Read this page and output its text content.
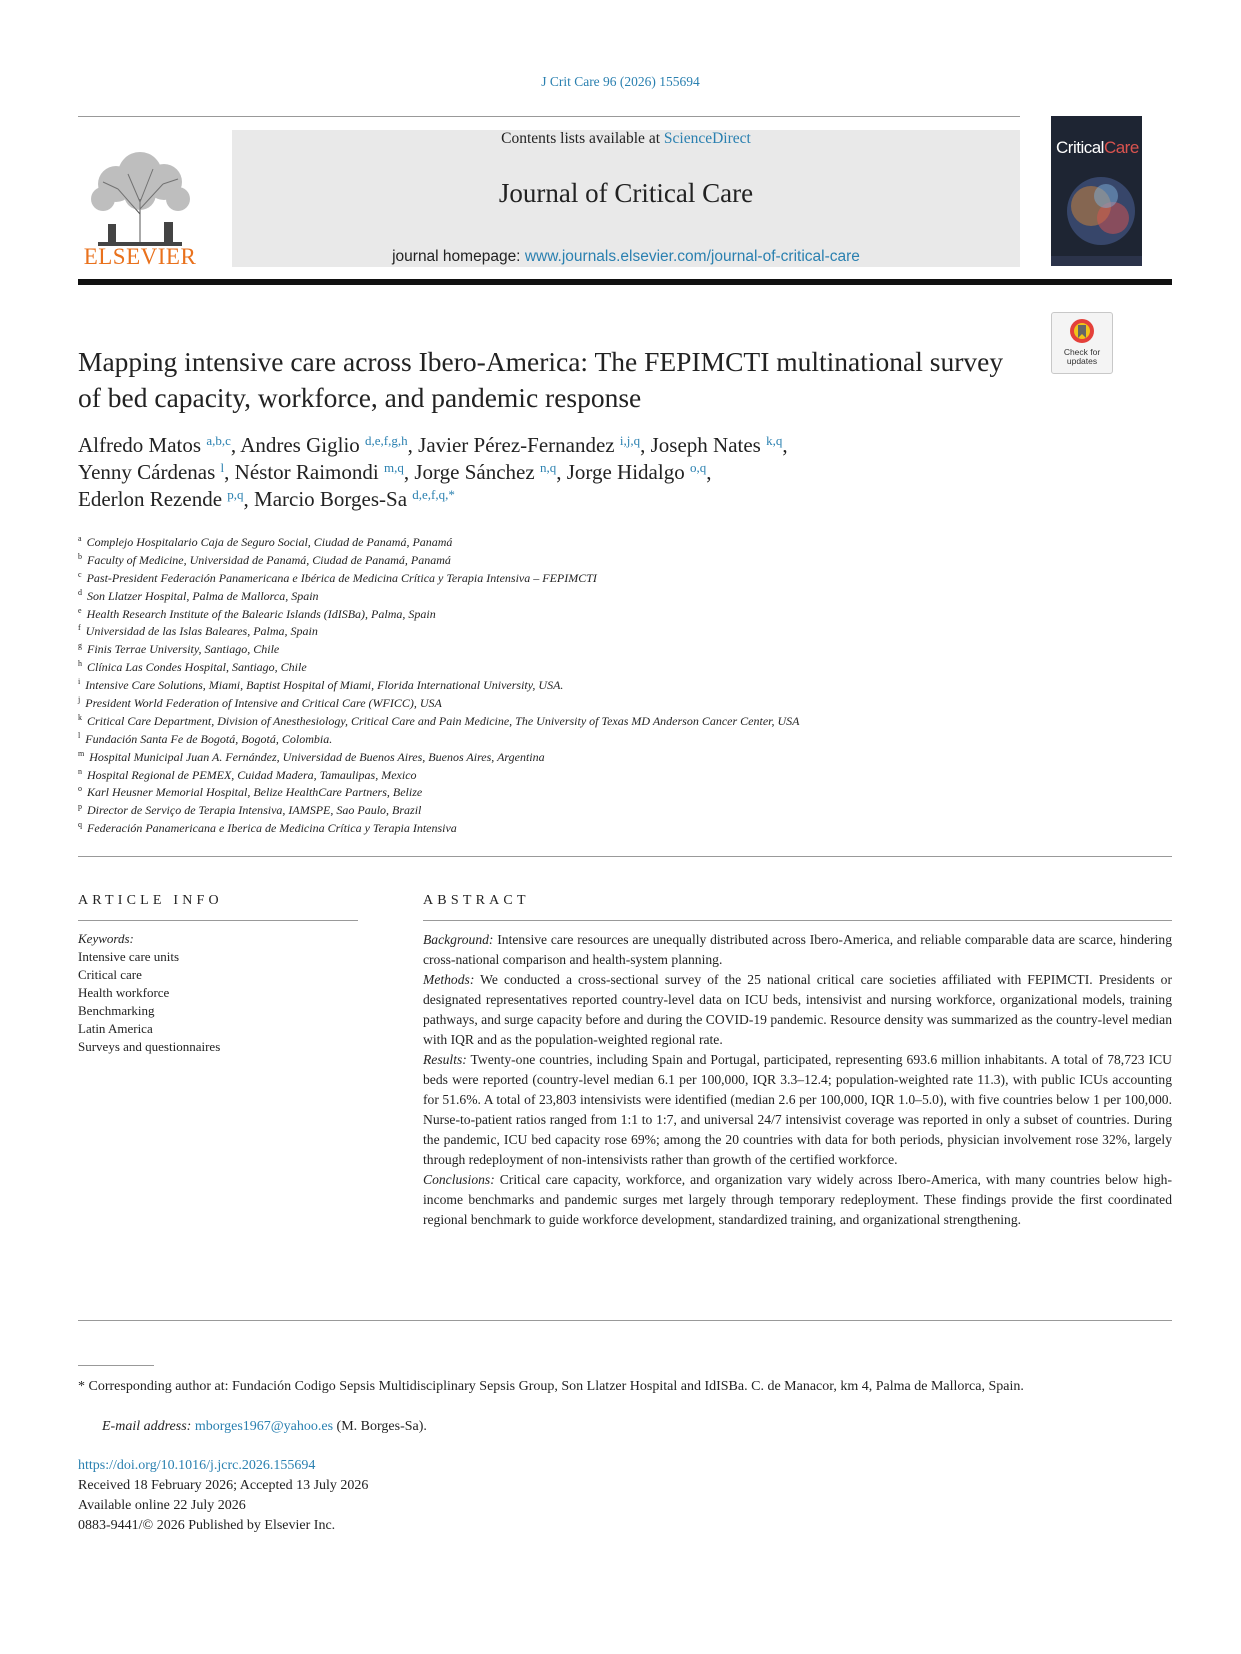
J Crit Care 96 (2026) 155694
ELSEVIER
Contents lists available at ScienceDirect
Journal of Critical Care
journal homepage: www.journals.elsevier.com/journal-of-critical-care
CriticalCare
Check for updates
Mapping intensive care across Ibero-America: The FEPIMCTI multinational survey of bed capacity, workforce, and pandemic response
Alfredo Matos $^{a,b,c}$, Andres Giglio $^{d,e,f,g,h}$, Javier Pérez-Fernandez $^{i,j,q}$, Joseph Nates $^{k,q}$,
Yenny Cárdenas $^l$, Néstor Raimondi $^{m,q}$, Jorge Sánchez $^{n,q}$, Jorge Hidalgo $^{o,q}$,
Ederlon Rezende $^{p,q}$, Marcio Borges-Sa $^{d,e,f,q,*}$
$^a$ Complejo Hospitalario Caja de Seguro Social, Ciudad de Panamá, Panamá
$^b$ Faculty of Medicine, Universidad de Panamá, Ciudad de Panamá, Panamá
$^c$ Past-President Federación Panamericana e Ibérica de Medicina Crítica y Terapia Intensiva – FEPIMCTI
$^d$ Son Llatzer Hospital, Palma de Mallorca, Spain
$^e$ Health Research Institute of the Balearic Islands (IdISBa), Palma, Spain
$^f$ Universidad de las Islas Baleares, Palma, Spain
$^g$ Finis Terrae University, Santiago, Chile
$^h$ Clínica Las Condes Hospital, Santiago, Chile
$^i$ Intensive Care Solutions, Miami, Baptist Hospital of Miami, Florida International University, USA.
$^j$ President World Federation of Intensive and Critical Care (WFICC), USA
$^k$ Critical Care Department, Division of Anesthesiology, Critical Care and Pain Medicine, The University of Texas MD Anderson Cancer Center, USA
$^l$ Fundación Santa Fe de Bogotá, Bogotá, Colombia.
$^m$ Hospital Municipal Juan A. Fernández, Universidad de Buenos Aires, Buenos Aires, Argentina
$^n$ Hospital Regional de PEMEX, Cuidad Madera, Tamaulipas, Mexico
$^o$ Karl Heusner Memorial Hospital, Belize HealthCare Partners, Belize
$^p$ Director de Serviço de Terapia Intensiva, IAMSPE, Sao Paulo, Brazil
$^q$ Federación Panamericana e Iberica de Medicina Crítica y Terapia Intensiva
ARTICLE INFO
Keywords:
Intensive care units
Critical care
Health workforce
Benchmarking
Latin America
Surveys and questionnaires
ABSTRACT

Background: Intensive care resources are unequally distributed across Ibero-America, and reliable comparable data are scarce, hindering cross-national comparison and health-system planning.

Methods: We conducted a cross-sectional survey of the 25 national critical care societies affiliated with FEPIMCTI. Presidents or designated representatives reported country-level data on ICU beds, intensivist and nursing workforce, organizational models, training pathways, and surge capacity before and during the COVID-19 pandemic. Resource density was summarized as the country-level median with IQR and as the population-weighted regional rate.

Results: Twenty-one countries, including Spain and Portugal, participated, representing 693.6 million inhabitants. A total of 78,723 ICU beds were reported (country-level median 6.1 per 100,000, IQR 3.3–12.4; population-weighted rate 11.3), with public ICUs accounting for 51.6%. A total of 23,803 intensivists were identified (median 2.6 per 100,000, IQR 1.0–5.0), with five countries below 1 per 100,000. Nurse-to-patient ratios ranged from 1:1 to 1:7, and universal 24/7 intensivist coverage was reported in only a subset of countries. During the pandemic, ICU bed capacity rose 69%; among the 20 countries with data for both periods, physician involvement rose 32%, largely through redeployment of non-intensivists rather than growth of the certified workforce.

Conclusions: Critical care capacity, workforce, and organization vary widely across Ibero-America, with many countries below high-income benchmarks and pandemic surges met largely through temporary redeployment. These findings provide the first coordinated regional benchmark to guide workforce development, standardized training, and organizational strengthening.

* Corresponding author at: Fundación Codigo Sepsis Multidisciplinary Sepsis Group, Son Llatzer Hospital and IdISBa. C. de Manacor, km 4, Palma de Mallorca, Spain.
E-mail address: mborges1967@yahoo.es (M. Borges-Sa).
https://doi.org/10.1016/j.jcrc.2026.155694
Received 18 February 2026; Accepted 13 July 2026
Available online 22 July 2026
0883-9441/© 2026 Published by Elsevier Inc.
